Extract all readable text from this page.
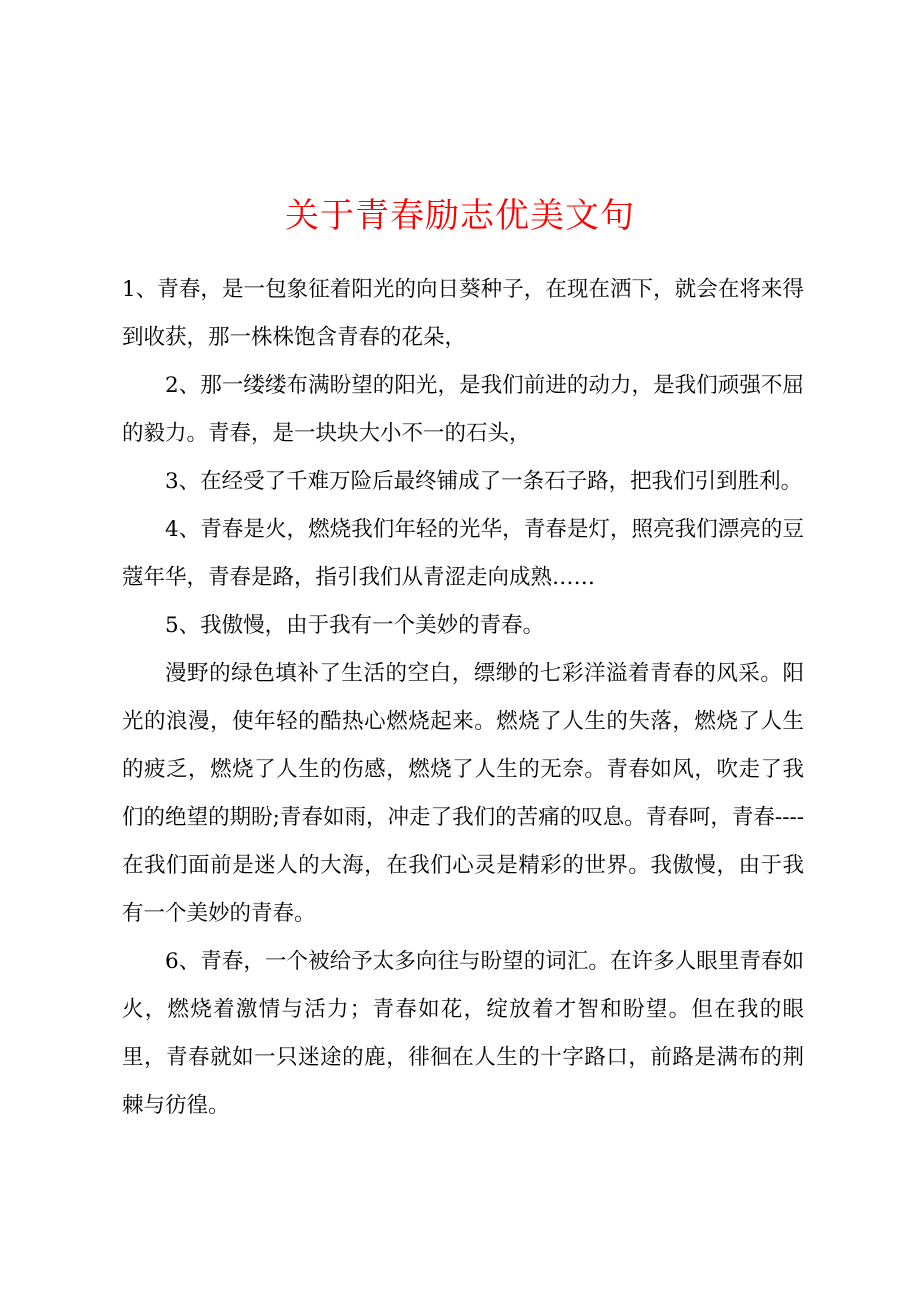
关于青春励志优美文句

1、青春，是一包象征着阳光的向日葵种子，在现在洒下，就会在将来得到收获，那一株株饱含青春的花朵，

2、那一缕缕布满盼望的阳光，是我们前进的动力，是我们顽强不屈的毅力。青春，是一块块大小不一的石头，

3、在经受了千难万险后最终铺成了一条石子路，把我们引到胜利。

4、青春是火，燃烧我们年轻的光华，青春是灯，照亮我们漂亮的豆蔻年华，青春是路，指引我们从青涩走向成熟……

5、我傲慢，由于我有一个美妙的青春。

漫野的绿色填补了生活的空白，缥缈的七彩洋溢着青春的风采。阳光的浪漫，使年轻的酷热心燃烧起来。燃烧了人生的失落，燃烧了人生的疲乏，燃烧了人生的伤感，燃烧了人生的无奈。青春如风，吹走了我们的绝望的期盼;青春如雨，冲走了我们的苦痛的叹息。青春呵，青春----在我们面前是迷人的大海，在我们心灵是精彩的世界。我傲慢，由于我有一个美妙的青春。

6、青春，一个被给予太多向往与盼望的词汇。在许多人眼里青春如火，燃烧着激情与活力；青春如花，绽放着才智和盼望。但在我的眼里，青春就如一只迷途的鹿，徘徊在人生的十字路口，前路是满布的荆棘与彷徨。
